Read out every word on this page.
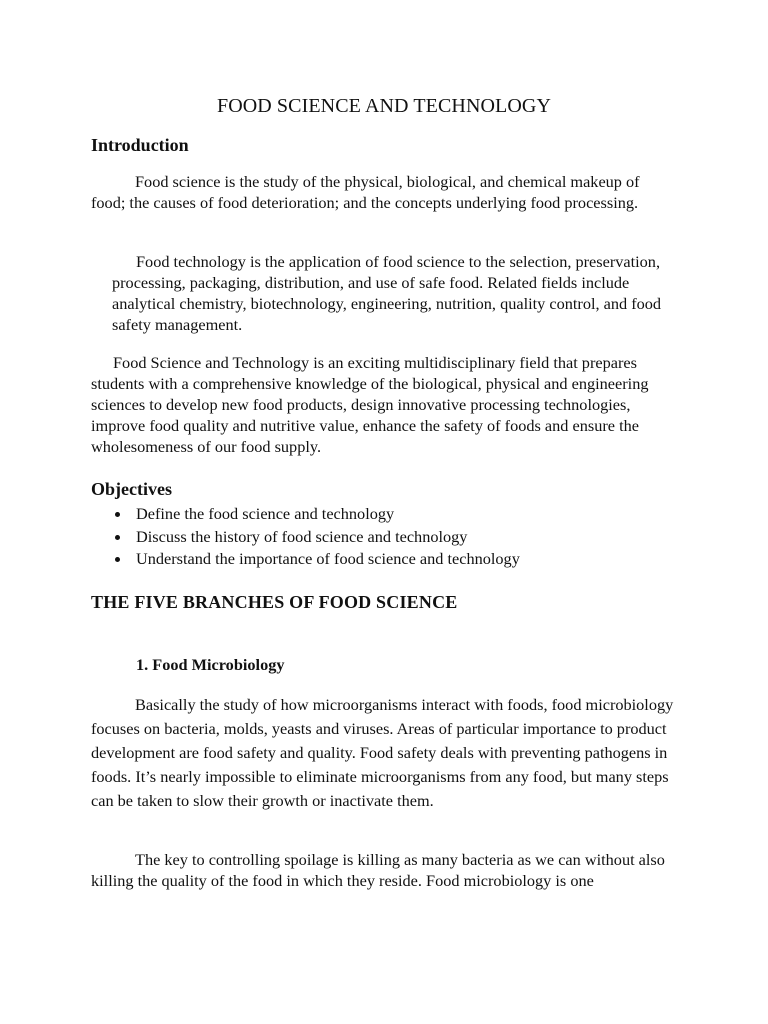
FOOD SCIENCE AND TECHNOLOGY
Introduction

Food science is the study of the physical, biological, and chemical makeup of food; the causes of food deterioration; and the concepts underlying food processing.

Food technology is the application of food science to the selection, preservation, processing, packaging, distribution, and use of safe food. Related fields include analytical chemistry, biotechnology, engineering, nutrition, quality control, and food safety management.

Food Science and Technology is an exciting multidisciplinary field that prepares students with a comprehensive knowledge of the biological, physical and engineering sciences to develop new food products, design innovative processing technologies, improve food quality and nutritive value, enhance the safety of foods and ensure the wholesomeness of our food supply.

Objectives
Define the food science and technology
Discuss the history of food science and technology
Understand the importance of food science and technology
THE FIVE BRANCHES OF FOOD SCIENCE
1. Food Microbiology

Basically the study of how microorganisms interact with foods, food microbiology focuses on bacteria, molds, yeasts and viruses. Areas of particular importance to product development are food safety and quality. Food safety deals with preventing pathogens in foods. It’s nearly impossible to eliminate microorganisms from any food, but many steps can be taken to slow their growth or inactivate them.

The key to controlling spoilage is killing as many bacteria as we can without also killing the quality of the food in which they reside. Food microbiology is one
